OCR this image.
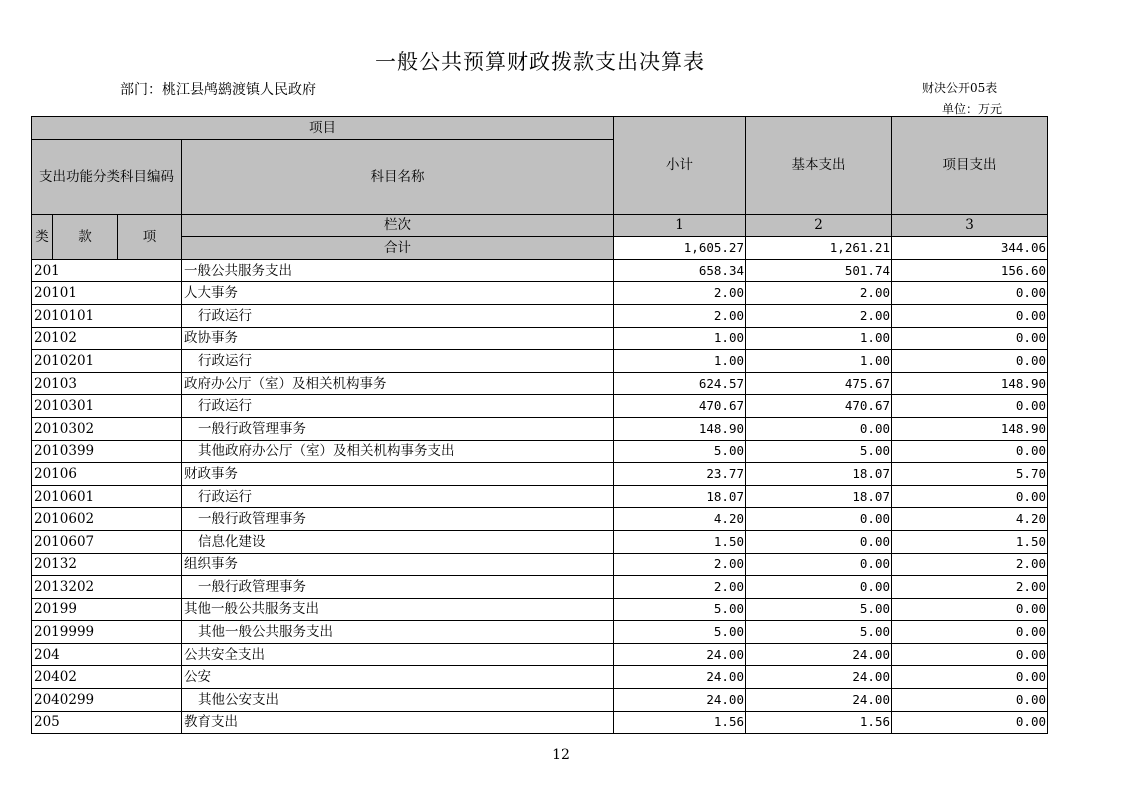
一般公共预算财政拨款支出决算表
部门：桃江县鸬鹚渡镇人民政府	财决公开05表
单位：万元
项目				小计	基本支出	项目支出
支出功能分类科目编码			科目名称			
类	款	项	栏次	1	2	3
			合计	1,605.27	1,261.21	344.06
201			一般公共服务支出	658.34	501.74	156.60
20101			人大事务	2.00	2.00	0.00
2010101			行政运行	2.00	2.00	0.00
20102			政协事务	1.00	1.00	0.00
2010201			行政运行	1.00	1.00	0.00
20103			政府办公厅（室）及相关机构事务	624.57	475.67	148.90
2010301			行政运行	470.67	470.67	0.00
2010302			一般行政管理事务	148.90	0.00	148.90
2010399			其他政府办公厅（室）及相关机构事务支出	5.00	5.00	0.00
20106			财政事务	23.77	18.07	5.70
2010601			行政运行	18.07	18.07	0.00
2010602			一般行政管理事务	4.20	0.00	4.20
2010607			信息化建设	1.50	0.00	1.50
20132			组织事务	2.00	0.00	2.00
2013202			一般行政管理事务	2.00	0.00	2.00
20199			其他一般公共服务支出	5.00	5.00	0.00
2019999			其他一般公共服务支出	5.00	5.00	0.00
204			公共安全支出	24.00	24.00	0.00
20402			公安	24.00	24.00	0.00
2040299			其他公安支出	24.00	24.00	0.00
205			教育支出	1.56	1.56	0.00
12
